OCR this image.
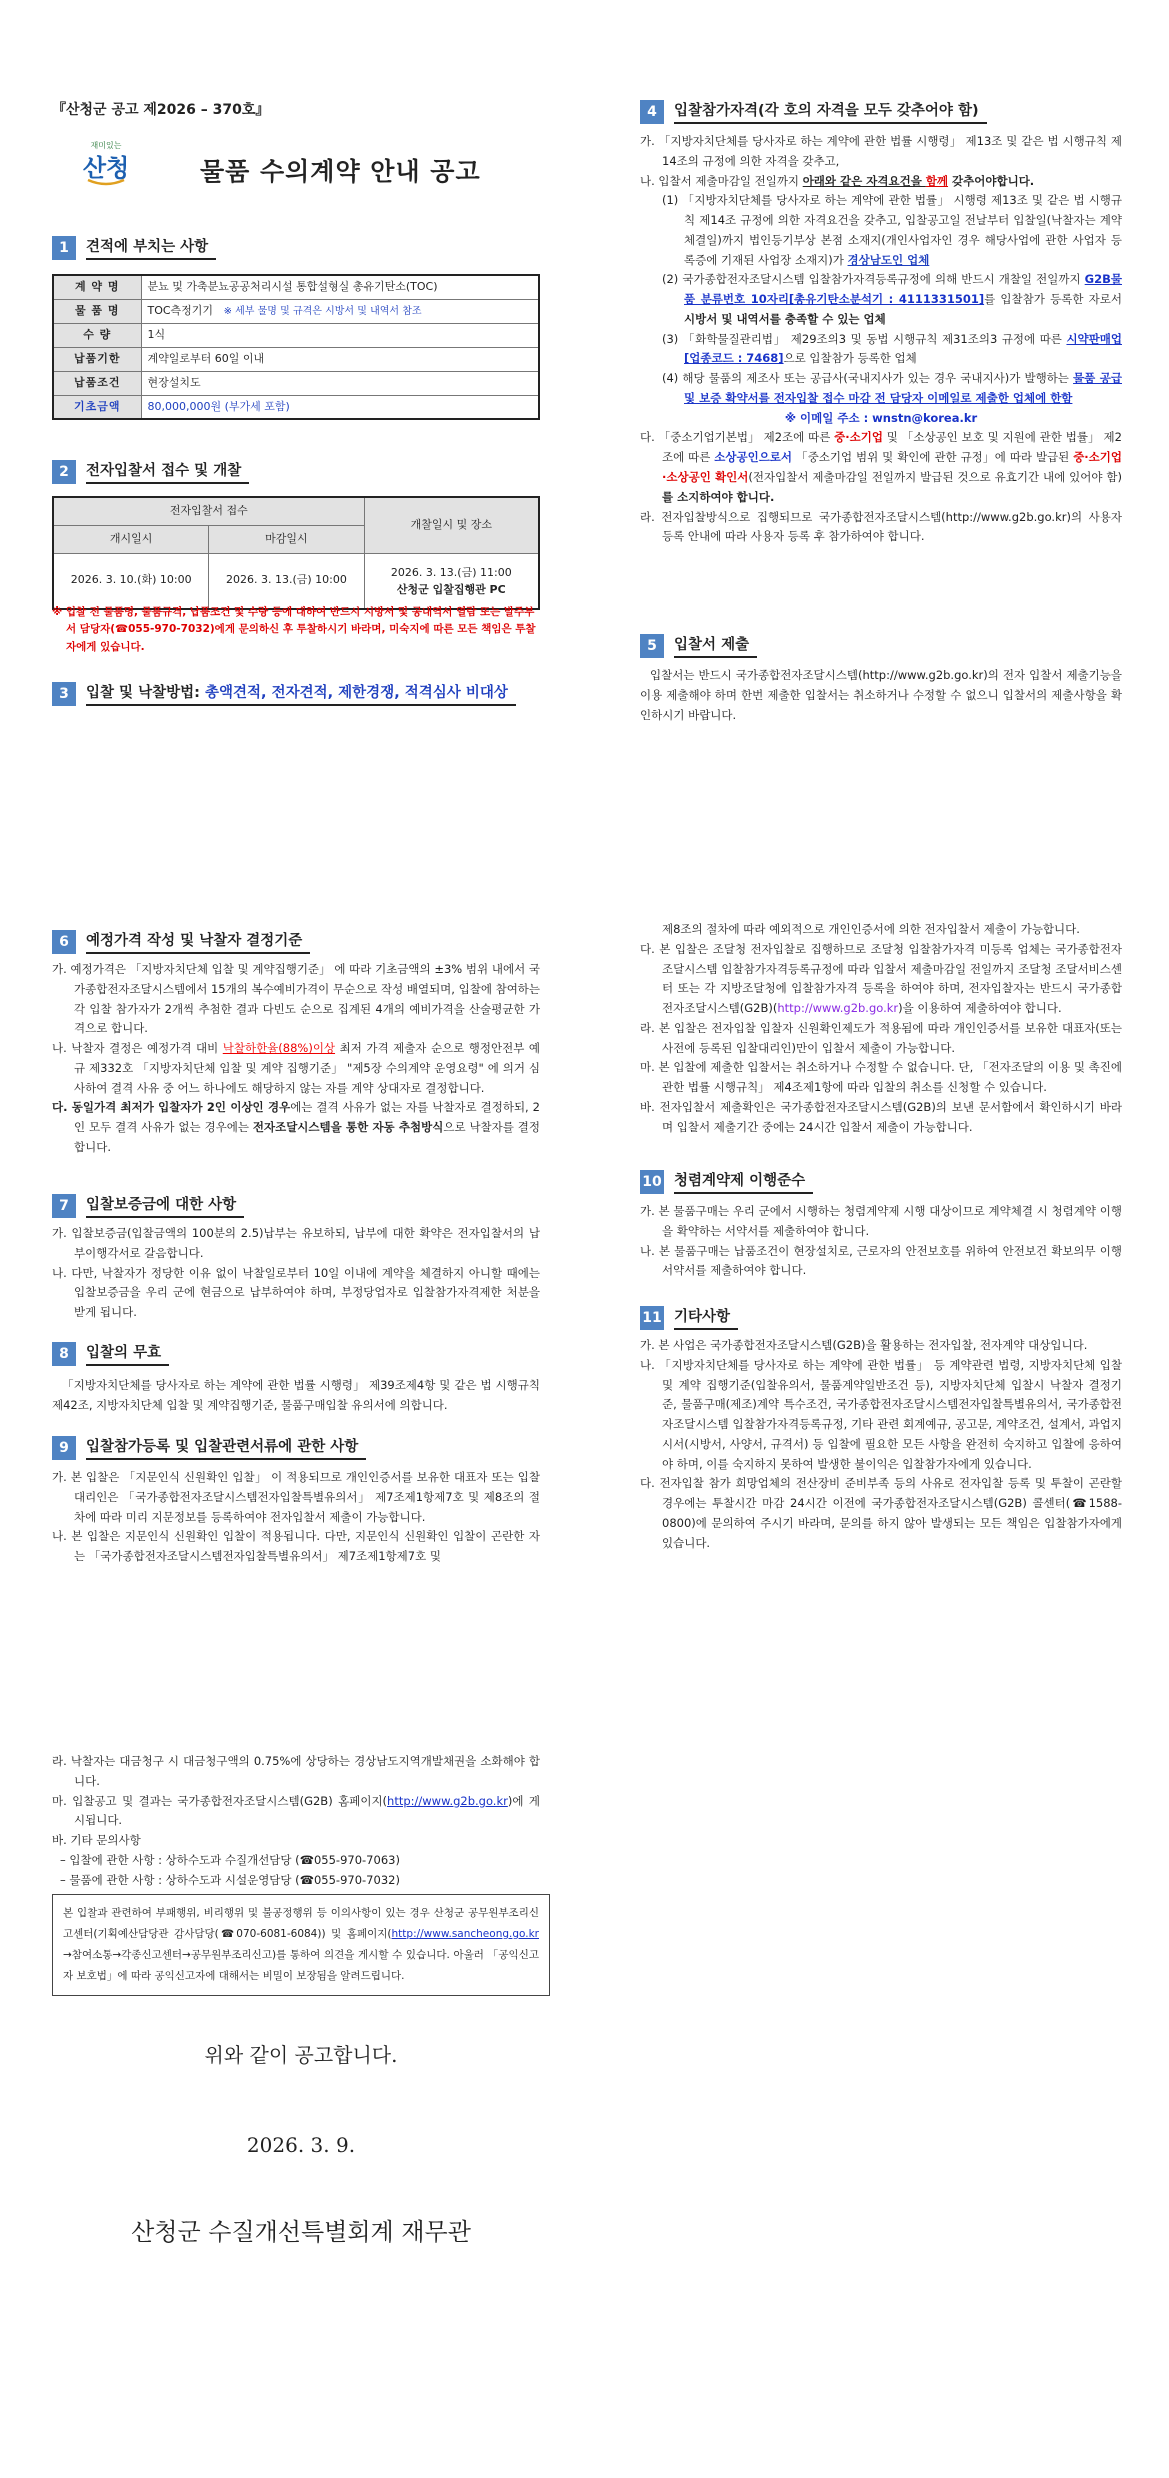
『산청군 공고 제2026 – 370호』
재미있는
산청	물품 수의계약 안내 공고
1	견적에 부치는 사항
계 약 명	분뇨 및 가축분뇨공공처리시설 통합설형실 총유기탄소(TOC)
물 품 명	TOC측정기기 ※ 세부 물명 및 규격은 시방서 및 내역서 참조
수 량	1식
납품기한	계약일로부터 60일 이내
납품조건	현장설치도
기초금액	80,000,000원 (부가세 포함)
2	전자입찰서 접수 및 개찰
전자입찰서 접수		개찰일시 및 장소
개시일시	마감일시	
2026. 3. 10.(화) 10:00	2026. 3. 13.(금) 10:00	2026. 3. 13.(금) 11:00
산청군 입찰집행관 PC
※ 입찰 전 물품명, 물품규격, 납품조건 및 수량 등에 대하여 반드시 시방서 및 공내역서 열람 또는 발주부서 담당자(☎055-970-7032)에게 문의하신 후 투찰하시기 바라며, 미숙지에 따른 모든 책임은 투찰자에게 있습니다.
3	입찰 및 낙찰방법: 총액견적, 전자견적, 제한경쟁, 적격심사 비대상
4	입찰참가자격(각 호의 자격을 모두 갖추어야 함)

가. 「지방자치단체를 당사자로 하는 계약에 관한 법률 시행령」 제13조 및 같은 법 시행규칙 제14조의 규정에 의한 자격을 갖추고,

나. 입찰서 제출마감일 전일까지 아래와 같은 자격요건을 함께 갖추어야합니다.

(1) 「지방자치단체를 당사자로 하는 계약에 관한 법률」 시행령 제13조 및 같은 법 시행규칙 제14조 규정에 의한 자격요건을 갖추고, 입찰공고일 전날부터 입찰일(낙찰자는 계약체결일)까지 법인등기부상 본점 소재지(개인사업자인 경우 해당사업에 관한 사업자 등록증에 기재된 사업장 소재지)가 경상남도인 업체

(2) 국가종합전자조달시스템 입찰참가자격등록규정에 의해 반드시 개찰일 전일까지 G2B물품 분류번호 10자리[총유기탄소분석기 : 4111331501]를 입찰참가 등록한 자로서 시방서 및 내역서를 충족할 수 있는 업체

(3) 「화학물질관리법」 제29조의3 및 동법 시행규칙 제31조의3 규정에 따른 시약판매업[업종코드 : 7468]으로 입찰참가 등록한 업체

(4) 해당 물품의 제조사 또는 공급사(국내지사가 있는 경우 국내지사)가 발행하는 물품 공급 및 보증 확약서를 전자입찰 접수 마감 전 담당자 이메일로 제출한 업체에 한함

※ 이메일 주소 : wnstn@korea.kr

다. 「중소기업기본법」 제2조에 따른 중·소기업 및 「소상공인 보호 및 지원에 관한 법률」 제2조에 따른 소상공인으로서 「중소기업 범위 및 확인에 관한 규정」에 따라 발급된 중·소기업·소상공인 확인서(전자입찰서 제출마감일 전일까지 발급된 것으로 유효기간 내에 있어야 함)를 소지하여야 합니다.

라. 전자입찰방식으로 집행되므로 국가종합전자조달시스템(http://www.g2b.go.kr)의 사용자 등록 안내에 따라 사용자 등록 후 참가하여야 합니다.

5	입찰서 제출
입찰서는 반드시 국가종합전자조달시스템(http://www.g2b.go.kr)의 전자 입찰서 제출기능을 이용 제출해야 하며 한번 제출한 입찰서는 취소하거나 수정할 수 없으니 입찰서의 제출사항을 확인하시기 바랍니다.
6	예정가격 작성 및 낙찰자 결정기준

가. 예정가격은 「지방자치단체 입찰 및 계약집행기준」 에 따라 기초금액의 ±3% 범위 내에서 국가종합전자조달시스템에서 15개의 복수예비가격이 무순으로 작성 배열되며, 입찰에 참여하는 각 입찰 참가자가 2개씩 추첨한 결과 다빈도 순으로 집계된 4개의 예비가격을 산술평균한 가격으로 합니다.

나. 낙찰자 결정은 예정가격 대비 낙찰하한율(88%)이상 최저 가격 제출자 순으로 행정안전부 예규 제332호 「지방자치단체 입찰 및 계약 집행기준」 "제5장 수의계약 운영요령" 에 의거 심사하여 결격 사유 중 어느 하나에도 해당하지 않는 자를 계약 상대자로 결정합니다.

다. 동일가격 최저가 입찰자가 2인 이상인 경우에는 결격 사유가 없는 자를 낙찰자로 결정하되, 2인 모두 결격 사유가 없는 경우에는 전자조달시스템을 통한 자동 추첨방식으로 낙찰자를 결정합니다.

7	입찰보증금에 대한 사항

가. 입찰보증금(입찰금액의 100분의 2.5)납부는 유보하되, 납부에 대한 확약은 전자입찰서의 납부이행각서로 갈음합니다.

나. 다만, 낙찰자가 정당한 이유 없이 낙찰일로부터 10일 이내에 계약을 체결하지 아니할 때에는 입찰보증금을 우리 군에 현금으로 납부하여야 하며, 부정당업자로 입찰참가자격제한 처분을 받게 됩니다.

8	입찰의 무효
「지방자치단체를 당사자로 하는 계약에 관한 법률 시행령」 제39조제4항 및 같은 법 시행규칙 제42조, 지방자치단체 입찰 및 계약집행기준, 물품구매입찰 유의서에 의합니다.
9	입찰참가등록 및 입찰관련서류에 관한 사항

가. 본 입찰은 「지문인식 신원확인 입찰」 이 적용되므로 개인인증서를 보유한 대표자 또는 입찰대리인은 「국가종합전자조달시스템전자입찰특별유의서」 제7조제1항제7호 및 제8조의 절차에 따라 미리 지문정보를 등록하여야 전자입찰서 제출이 가능합니다.

나. 본 입찰은 지문인식 신원확인 입찰이 적용됩니다. 다만, 지문인식 신원확인 입찰이 곤란한 자는 「국가종합전자조달시스템전자입찰특별유의서」 제7조제1항제7호 및

제8조의 절차에 따라 예외적으로 개인인증서에 의한 전자입찰서 제출이 가능합니다.

다. 본 입찰은 조달청 전자입찰로 집행하므로 조달청 입찰참가자격 미등록 업체는 국가종합전자조달시스템 입찰참가자격등록규정에 따라 입찰서 제출마감일 전일까지 조달청 조달서비스센터 또는 각 지방조달청에 입찰참가자격 등록을 하여야 하며, 전자입찰자는 반드시 국가종합전자조달시스템(G2B)(http://www.g2b.go.kr)을 이용하여 제출하여야 합니다.

라. 본 입찰은 전자입찰 입찰자 신원확인제도가 적용됨에 따라 개인인증서를 보유한 대표자(또는 사전에 등록된 입찰대리인)만이 입찰서 제출이 가능합니다.

마. 본 입찰에 제출한 입찰서는 취소하거나 수정할 수 없습니다. 단, 「전자조달의 이용 및 촉진에 관한 법률 시행규칙」 제4조제1항에 따라 입찰의 취소를 신청할 수 있습니다.

바. 전자입찰서 제출확인은 국가종합전자조달시스템(G2B)의 보낸 문서함에서 확인하시기 바라며 입찰서 제출기간 중에는 24시간 입찰서 제출이 가능합니다.

10 청렴계약제 이행준수

가. 본 물품구매는 우리 군에서 시행하는 청렴계약제 시행 대상이므로 계약체결 시 청렴계약 이행을 확약하는 서약서를 제출하여야 합니다.

나. 본 물품구매는 납품조건이 현장설치로, 근로자의 안전보호를 위하여 안전보건 확보의무 이행 서약서를 제출하여야 합니다.

11 기타사항

가. 본 사업은 국가종합전자조달시스템(G2B)을 활용하는 전자입찰, 전자계약 대상입니다.

나. 「지방자치단체를 당사자로 하는 계약에 관한 법률」 등 계약관련 법령, 지방자치단체 입찰 및 계약 집행기준(입찰유의서, 물품계약일반조건 등), 지방자치단체 입찰시 낙찰자 결정기준, 물품구매(제조)계약 특수조건, 국가종합전자조달시스템전자입찰특별유의서, 국가종합전자조달시스템 입찰참가자격등록규정, 기타 관련 회계예규, 공고문, 계약조건, 설계서, 과업지시서(시방서, 사양서, 규격서) 등 입찰에 필요한 모든 사항을 완전히 숙지하고 입찰에 응하여야 하며, 이를 숙지하지 못하여 발생한 불이익은 입찰참가자에게 있습니다.

다. 전자입찰 참가 희망업체의 전산장비 준비부족 등의 사유로 전자입찰 등록 및 투찰이 곤란할 경우에는 투찰시간 마감 24시간 이전에 국가종합전자조달시스템(G2B) 콜센터(☎1588-0800)에 문의하여 주시기 바라며, 문의를 하지 않아 발생되는 모든 책임은 입찰참가자에게 있습니다.

라. 낙찰자는 대금청구 시 대금청구액의 0.75%에 상당하는 경상남도지역개발채권을 소화해야 합니다.

마. 입찰공고 및 결과는 국가종합전자조달시스템(G2B) 홈페이지(http://www.g2b.go.kr)에 게시됩니다.

바. 기타 문의사항

– 입찰에 관한 사항 : 상하수도과 수질개선담당 (☎055-970-7063)

– 물품에 관한 사항 : 상하수도과 시설운영담당 (☎055-970-7032)

본 입찰과 관련하여 부패행위, 비리행위 및 불공정행위 등 이의사항이 있는 경우 산청군 공무원부조리신고센터(기획예산담당관 감사담당(☎070-6081-6084)) 및 홈페이지(http://www.sancheong.go.kr →참여소통→각종신고센터→공무원부조리신고)를 통하여 의견을 게시할 수 있습니다. 아울러 「공익신고자 보호법」에 따라 공익신고자에 대해서는 비밀이 보장됨을 알려드립니다.
위와 같이 공고합니다.
2026. 3. 9.
산청군 수질개선특별회계 재무관
